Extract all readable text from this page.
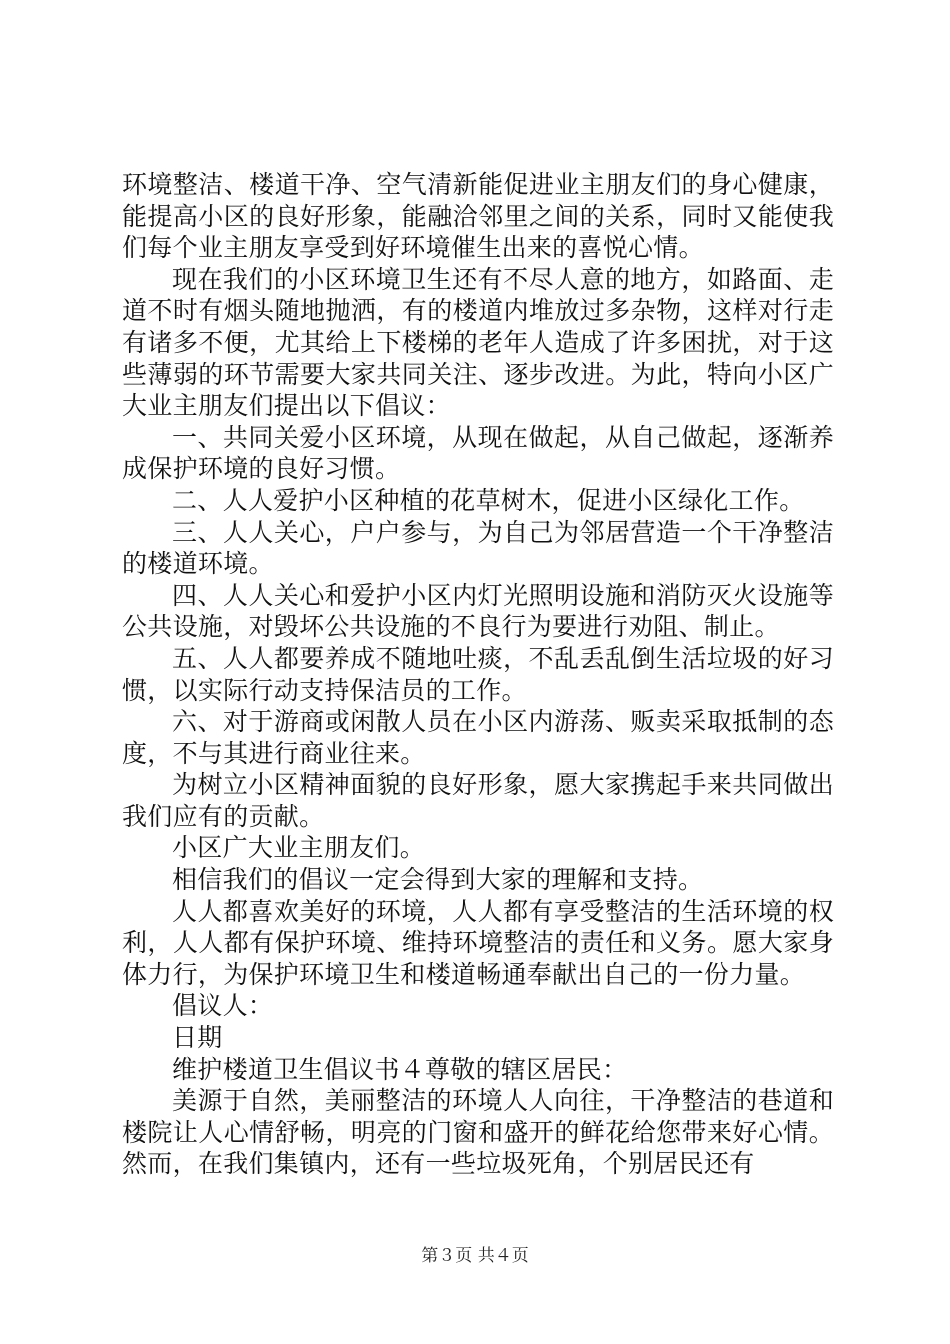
环境整洁、楼道干净、空气清新能促进业主朋友们的身心健康，能提高小区的良好形象，能融洽邻里之间的关系，同时又能使我们每个业主朋友享受到好环境催生出来的喜悦心情。

现在我们的小区环境卫生还有不尽人意的地方，如路面、走道不时有烟头随地抛洒，有的楼道内堆放过多杂物，这样对行走有诸多不便，尤其给上下楼梯的老年人造成了许多困扰，对于这些薄弱的环节需要大家共同关注、逐步改进。为此，特向小区广大业主朋友们提出以下倡议：

一、共同关爱小区环境，从现在做起，从自己做起，逐渐养成保护环境的良好习惯。

二、人人爱护小区种植的花草树木，促进小区绿化工作。

三、人人关心，户户参与，为自己为邻居营造一个干净整洁的楼道环境。

四、人人关心和爱护小区内灯光照明设施和消防灭火设施等公共设施，对毁坏公共设施的不良行为要进行劝阻、制止。

五、人人都要养成不随地吐痰，不乱丢乱倒生活垃圾的好习惯，以实际行动支持保洁员的工作。

六、对于游商或闲散人员在小区内游荡、贩卖采取抵制的态度，不与其进行商业往来。

为树立小区精神面貌的良好形象，愿大家携起手来共同做出我们应有的贡献。

小区广大业主朋友们。

相信我们的倡议一定会得到大家的理解和支持。

人人都喜欢美好的环境，人人都有享受整洁的生活环境的权利，人人都有保护环境、维持环境整洁的责任和义务。愿大家身体力行，为保护环境卫生和楼道畅通奉献出自己的一份力量。

倡议人：

日期

维护楼道卫生倡议书４尊敬的辖区居民：

美源于自然，美丽整洁的环境人人向往，干净整洁的巷道和楼院让人心情舒畅，明亮的门窗和盛开的鲜花给您带来好心情。然而，在我们集镇内，还有一些垃圾死角，个别居民还有

第３页 共４页
